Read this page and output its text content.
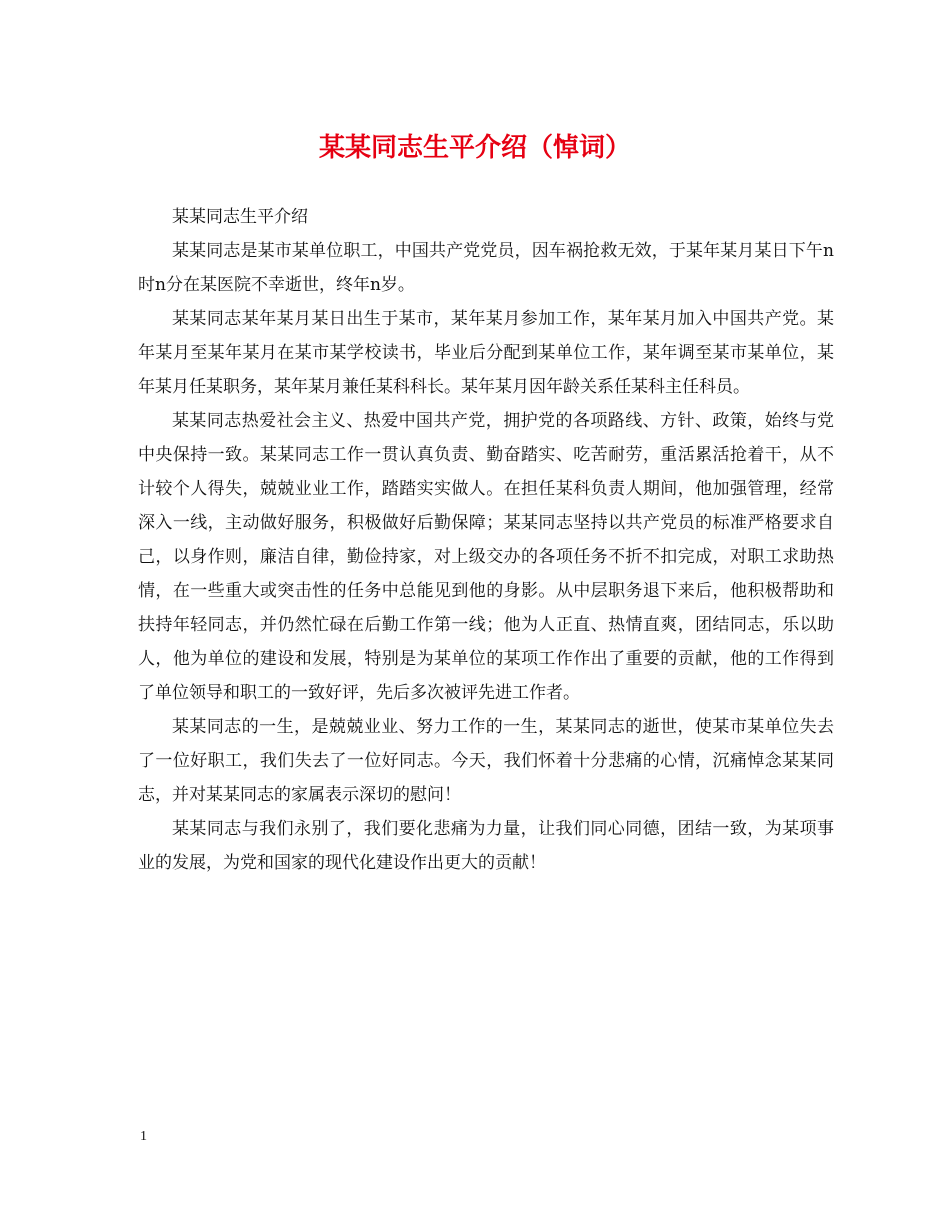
某某同志生平介绍（悼词）

某某同志生平介绍

某某同志是某市某单位职工，中国共产党党员，因车祸抢救无效，于某年某月某日下午n时n分在某医院不幸逝世，终年n岁。

某某同志某年某月某日出生于某市，某年某月参加工作，某年某月加入中国共产党。某年某月至某年某月在某市某学校读书，毕业后分配到某单位工作，某年调至某市某单位，某年某月任某职务，某年某月兼任某科科长。某年某月因年龄关系任某科主任科员。

某某同志热爱社会主义、热爱中国共产党，拥护党的各项路线、方针、政策，始终与党中央保持一致。某某同志工作一贯认真负责、勤奋踏实、吃苦耐劳，重活累活抢着干，从不计较个人得失，兢兢业业工作，踏踏实实做人。在担任某科负责人期间，他加强管理，经常深入一线，主动做好服务，积极做好后勤保障；某某同志坚持以共产党员的标准严格要求自己，以身作则，廉洁自律，勤俭持家，对上级交办的各项任务不折不扣完成，对职工求助热情，在一些重大或突击性的任务中总能见到他的身影。从中层职务退下来后，他积极帮助和扶持年轻同志，并仍然忙碌在后勤工作第一线；他为人正直、热情直爽，团结同志，乐以助人，他为单位的建设和发展，特别是为某单位的某项工作作出了重要的贡献，他的工作得到了单位领导和职工的一致好评，先后多次被评先进工作者。

某某同志的一生，是兢兢业业、努力工作的一生，某某同志的逝世，使某市某单位失去了一位好职工，我们失去了一位好同志。今天，我们怀着十分悲痛的心情，沉痛悼念某某同志，并对某某同志的家属表示深切的慰问！

某某同志与我们永别了，我们要化悲痛为力量，让我们同心同德，团结一致，为某项事业的发展，为党和国家的现代化建设作出更大的贡献！

1
